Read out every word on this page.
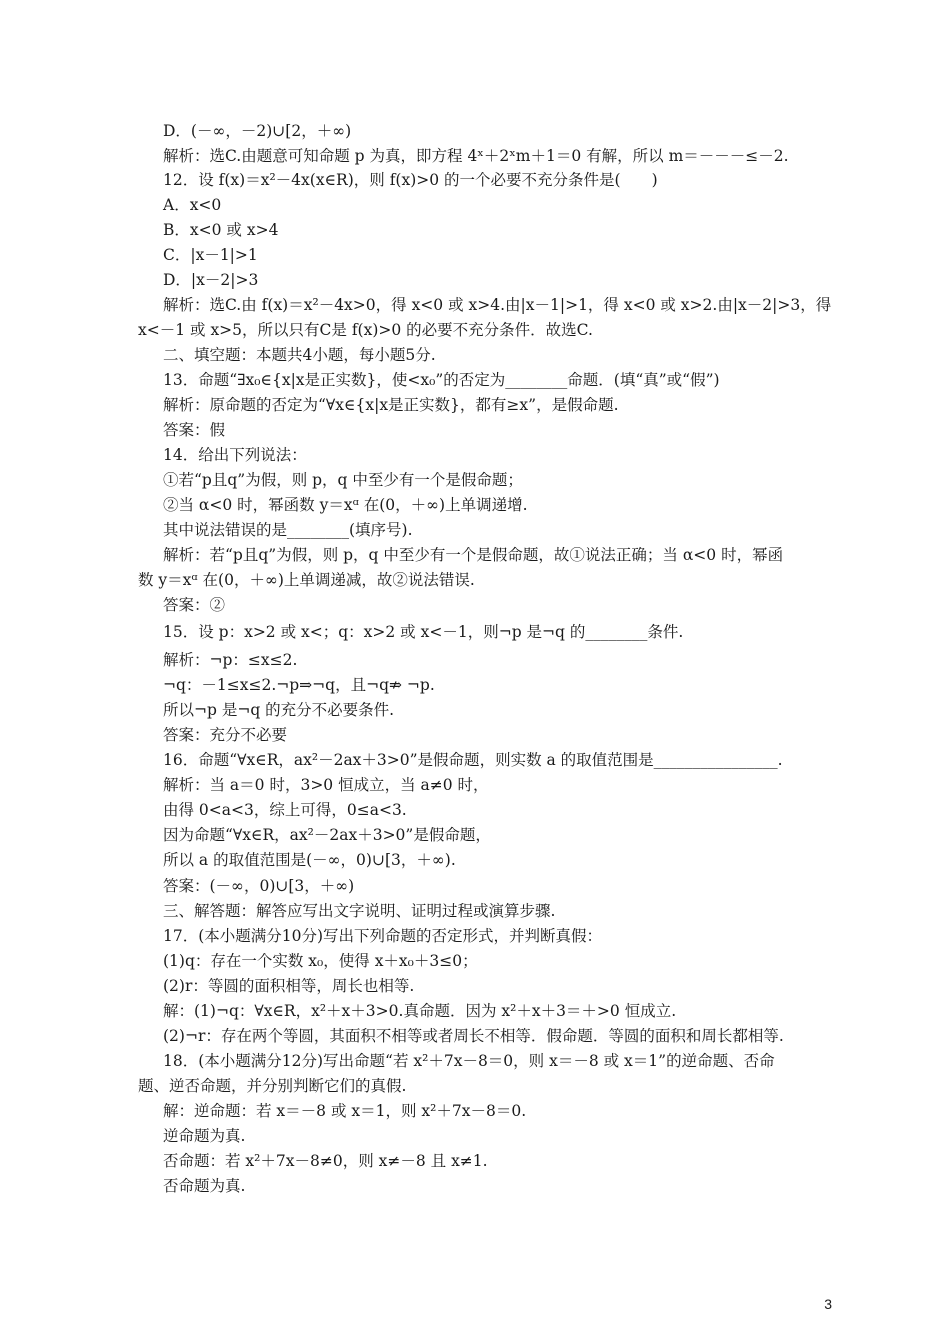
D．(－∞，－2)∪[2，＋∞)
解析：选C.由题意可知命题 p 为真，即方程 4ˣ＋2ˣm＋1＝0 有解，所以 m＝－－－≤－2.
12．设 f(x)＝x²－4x(x∈R)，则 f(x)>0 的一个必要不充分条件是(　　)
A．x<0
B．x<0 或 x>4
C．|x－1|>1
D．|x－2|>3
解析：选C.由 f(x)＝x²－4x>0，得 x<0 或 x>4.由|x－1|>1，得 x<0 或 x>2.由|x－2|>3，得
x<－1 或 x>5，所以只有C是 f(x)>0 的必要不充分条件．故选C.
二、填空题：本题共4小题，每小题5分.
13．命题“∃x₀∈{x|x是正实数}，使<x₀”的否定为________命题．(填“真”或“假”)
解析：原命题的否定为“∀x∈{x|x是正实数}，都有≥x”，是假命题.
答案：假
14．给出下列说法：
①若“p且q”为假，则 p，q 中至少有一个是假命题；
②当 α<0 时，幂函数 y＝xᵅ 在(0，＋∞)上单调递增.
其中说法错误的是________(填序号).
解析：若“p且q”为假，则 p，q 中至少有一个是假命题，故①说法正确；当 α<0 时，幂函
数 y＝xᵅ 在(0，＋∞)上单调递减，故②说法错误.
答案：②
15．设 p：x>2 或 x<；q：x>2 或 x<－1，则¬p 是¬q 的________条件.
解析：¬p：≤x≤2.
¬q：－1≤x≤2.¬p⇒¬q，且¬q⇏ ¬p.
所以¬p 是¬q 的充分不必要条件.
答案：充分不必要
16．命题“∀x∈R，ax²－2ax＋3>0”是假命题，则实数 a 的取值范围是________________.
解析：当 a＝0 时，3>0 恒成立，当 a≠0 时，
由得 0<a<3，综上可得，0≤a<3.
因为命题“∀x∈R，ax²－2ax＋3>0”是假命题，
所以 a 的取值范围是(－∞，0)∪[3，＋∞).
答案：(－∞，0)∪[3，＋∞)
三、解答题：解答应写出文字说明、证明过程或演算步骤.
17．(本小题满分10分)写出下列命题的否定形式，并判断真假：
(1)q：存在一个实数 x₀，使得 x＋x₀＋3≤0；
(2)r：等圆的面积相等，周长也相等.
解：(1)¬q：∀x∈R，x²＋x＋3>0.真命题．因为 x²＋x＋3＝＋>0 恒成立.
(2)¬r：存在两个等圆，其面积不相等或者周长不相等．假命题．等圆的面积和周长都相等.
18．(本小题满分12分)写出命题“若 x²＋7x－8＝0，则 x＝－8 或 x＝1”的逆命题、否命
题、逆否命题，并分别判断它们的真假.
解：逆命题：若 x＝－8 或 x＝1，则 x²＋7x－8＝0.
逆命题为真.
否命题：若 x²＋7x－8≠0，则 x≠－8 且 x≠1.
否命题为真.
3
